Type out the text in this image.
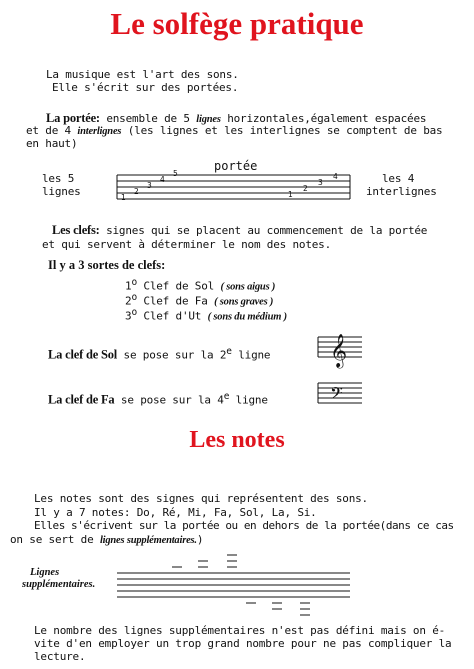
Le solfège pratique
La musique est l'art des sons.
Elle s'écrit sur des portées.
La portée: ensemble de 5 lignes horizontales,également espacées
et de 4 interlignes (les lignes et les interlignes se comptent de bas
en haut)
portée
les 5
lignes
les 4
interlignes
1
2
3
4
5
1
2
3
4
𝄞
𝄢
Les clefs: signes qui se placent au commencement de la portée
et qui servent à déterminer le nom des notes.
Il y a 3 sortes de clefs:
1$^o$ Clef de Sol ( sons aigus )
2$^o$ Clef de Fa ( sons graves )
3$^o$ Clef d'Ut ( sons du médium )
La clef de Sol se pose sur la 2e ligne
La clef de Fa se pose sur la 4e ligne
Les notes
Les notes sont des signes qui représentent des sons.
Il y a 7 notes: Do, Ré, Mi, Fa, Sol, La, Si.
Elles s'écrivent sur la portée ou en dehors de la portée(dans ce cas
on se sert de lignes supplémentaires.)
Lignes
supplémentaires.
Le nombre des lignes supplémentaires n'est pas défini mais on é-
vite d'en employer un trop grand nombre pour ne pas compliquer la
lecture.
